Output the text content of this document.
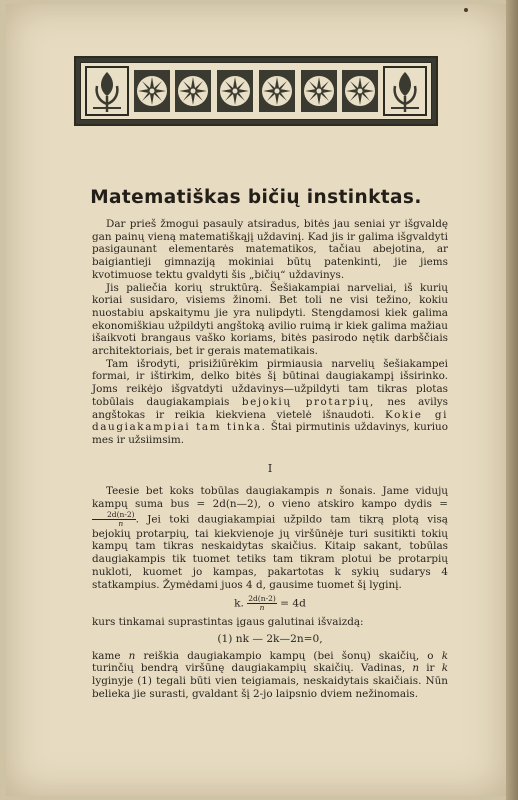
Matematiškas bičių instinktas.

Dar prieš žmogui pasauly atsiradus, bitės jau seniai yr išgvaldę gan painų vieną matematiškąjį uždavinį. Kad jis ir galima išgvaldyti pasigaunant elementarės matematikos, tačiau abejotina, ar baigiantieji gimnaziją mokiniai būtų patenkinti, jie jiems kvotimuose tektu gvaldyti šis „bičių“ uždavinys.

Jis paliečia korių struktūrą. Šešiakampiai narveliai, iš kurių koriai susidaro, visiems žinomi. Bet toli ne visi težino, kokiu nuostabiu apskaitymu jie yra nulipdyti. Stengdamosi kiek galima ekonomiškiau užpildyti angštoką avilio ruimą ir kiek galima mažiau išaikvoti brangaus vaško koriams, bitės pasirodo nętik darbščiais architektoriais, bet ir gerais matematikais.

Tam išrodyti, prisižiūrėkim pirmiausia narvelių šešiakampei formai, ir ištirkim, delko bitės šį būtinai daugiakampį išsirinko. Joms reikėjo išgvatdyti uždavinys—užpildyti tam tikras plotas tobūlais daugiakampiais bejokių protarpių, nes avilys angštokas ir reikia kiekviena vietelė išnaudoti. Kokie gi daugiakampiai tam tinka. Štai pirmutinis uždavinys, kuriuo mes ir užsiimsim.

I

Teesie bet koks tobūlas daugiakampis n šonais. Jame vidujų kampų suma bus = 2d(n—2), o vieno atskiro kampo dydis =
$\frac{2d(n-2)}{n}$ . Jei toki daugiakampiai užpildo tam tikrą plotą visą bejokių protarpių, tai kiekvienoje jų viršūnėje turi susitikti tokių kampų tam tikras neskaidytas skaičius. Kitaip sakant, tobūlas daugiakampis tik tuomet tetiks tam tikram plotui be protarpių nukloti, kuomet jo kampas, pakartotas k sykių sudarys 4 statkampius. Žymėdami juos 4 d, gausime tuomet šį lyginį.

k. $\frac{2d(n-2)}{n} = 4d$

kurs tinkamai suprastintas įgaus galutinai išvaizdą:

(1) nk — 2k—2n=0,

kame n reiškia daugiakampio kampų (bei šonų) skaičių, o k turinčių bendrą viršūnę daugiakampių skaičių. Vadinas, n ir k lyginyje (1) tegali būti vien teigiamais, neskaidytais skaičiais. Nūn belieka jie surasti, gvaldant šį 2-jo laipsnio dviem nežinomais.
